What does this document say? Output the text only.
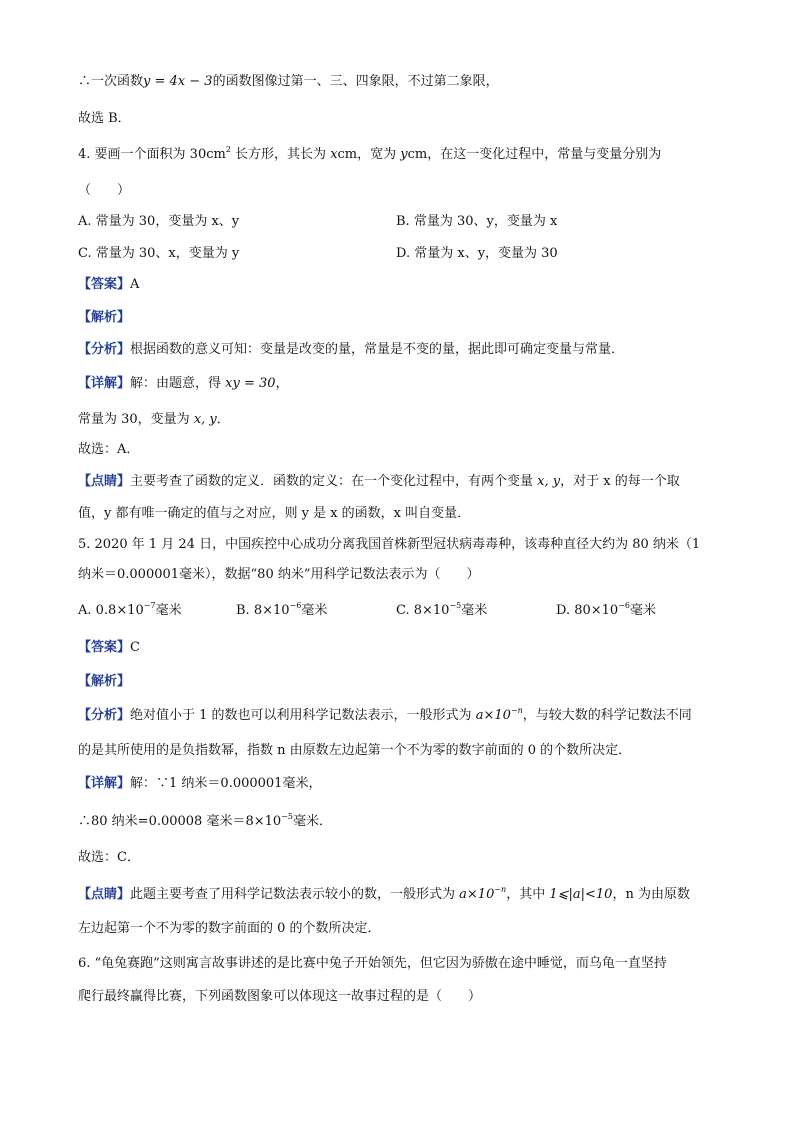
∴一次函数y = 4x − 3的函数图像过第一、三、四象限，不过第二象限，
故选 B．
4. 要画一个面积为 $30cm^2$ 长方形，其长为 xcm，宽为 ycm，在这一变化过程中，常量与变量分别为
（　　）
A. 常量为 30，变量为 x、y	B. 常量为 30、y，变量为 x
C. 常量为 30、x，变量为 y	D. 常量为 x、y，变量为 30
【答案】A
【解析】
【分析】根据函数的意义可知：变量是改变的量，常量是不变的量，据此即可确定变量与常量．
【详解】解：由题意，得 xy = 30，
常量为 30，变量为 x, y．
故选：A．
【点睛】主要考查了函数的定义．函数的定义：在一个变化过程中，有两个变量 x, y，对于 x 的每一个取
值，y 都有唯一确定的值与之对应，则 y 是 x 的函数，x 叫自变量．
5. 2020 年 1 月 24 日，中国疾控中心成功分离我国首株新型冠状病毒毒种，该毒种直径大约为 80 纳米（1
纳米＝0.000001毫米），数据“80 纳米”用科学记数法表示为（　　）
A. $0.8\times 10^{-7}$毫米	B. $8\times 10^{-6}$毫米	C. $8\times 10^{-5}$毫米	D. $80\times 10^{-6}$毫米
【答案】C
【解析】
【分析】绝对值小于 1 的数也可以利用科学记数法表示，一般形式为 $a\times 10^{-n}$，与较大数的科学记数法不同
的是其所使用的是负指数幂，指数 n 由原数左边起第一个不为零的数字前面的 0 的个数所决定．
【详解】解：∵1 纳米＝0.000001毫米，
∴80 纳米=0.00008 毫米$=8\times 10^{-5}$毫米．
故选：C．
【点睛】此题主要考查了用科学记数法表示较小的数，一般形式为 $a\times 10^{-n}$，其中 1⩽|a|<10，n 为由原数
左边起第一个不为零的数字前面的 0 的个数所决定．
6. “龟兔赛跑”这则寓言故事讲述的是比赛中兔子开始领先，但它因为骄傲在途中睡觉，而乌龟一直坚持
爬行最终赢得比赛，下列函数图象可以体现这一故事过程的是（　　）
